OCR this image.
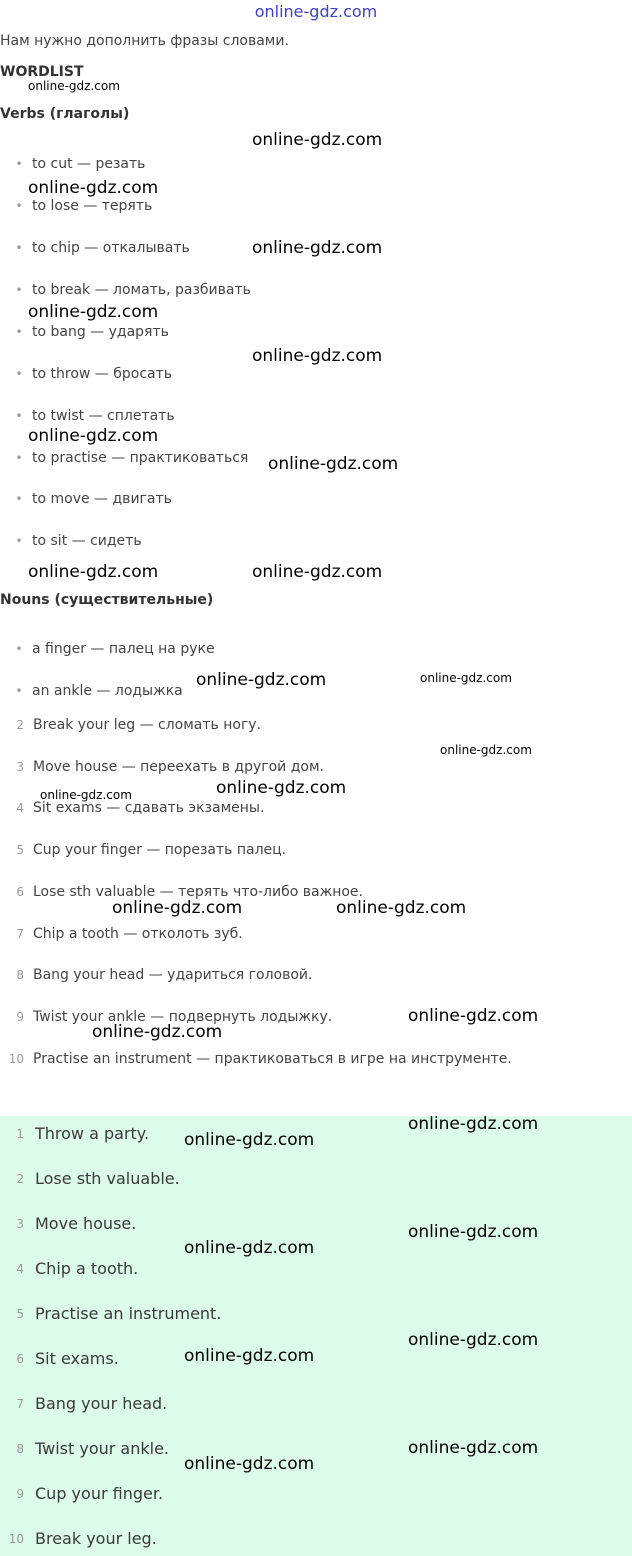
online-gdz.com
Нам нужно дополнить фразы словами.
WORDLIST
Verbs (глаголы)
• to cut — резать
• to lose — терять
• to chip — откалывать
• to break — ломать, разбивать
• to bang — ударять
• to throw — бросать
• to twist — сплетать
• to practise — практиковаться
• to move — двигать
• to sit — сидеть
Nouns (существительные)
• a finger — палец на руке
• an ankle — лодыжка
2 Break your leg — сломать ногу.
3 Move house — переехать в другой дом.
4 Sit exams — сдавать экзамены.
5 Cup your finger — порезать палец.
6 Lose sth valuable — терять что-либо важное.
7 Chip a tooth — отколоть зуб.
8 Bang your head — удариться головой.
9 Twist your ankle — подвернуть лодыжку.
10 Practise an instrument — практиковаться в игре на инструменте.
1 Throw a party.
2 Lose sth valuable.
3 Move house.
4 Chip a tooth.
5 Practise an instrument.
6 Sit exams.
7 Bang your head.
8 Twist your ankle.
9 Cup your finger.
10 Break your leg.
online-gdz.com
online-gdz.com
online-gdz.com
online-gdz.com
online-gdz.com
online-gdz.com
online-gdz.com
online-gdz.com
online-gdz.com	online-gdz.com
online-gdz.com	online-gdz.com
online-gdz.com
online-gdz.com
online-gdz.com
online-gdz.com	online-gdz.com
online-gdz.com
online-gdz.com
online-gdz.com
online-gdz.com
online-gdz.com
online-gdz.com
online-gdz.com
online-gdz.com
online-gdz.com
online-gdz.com
